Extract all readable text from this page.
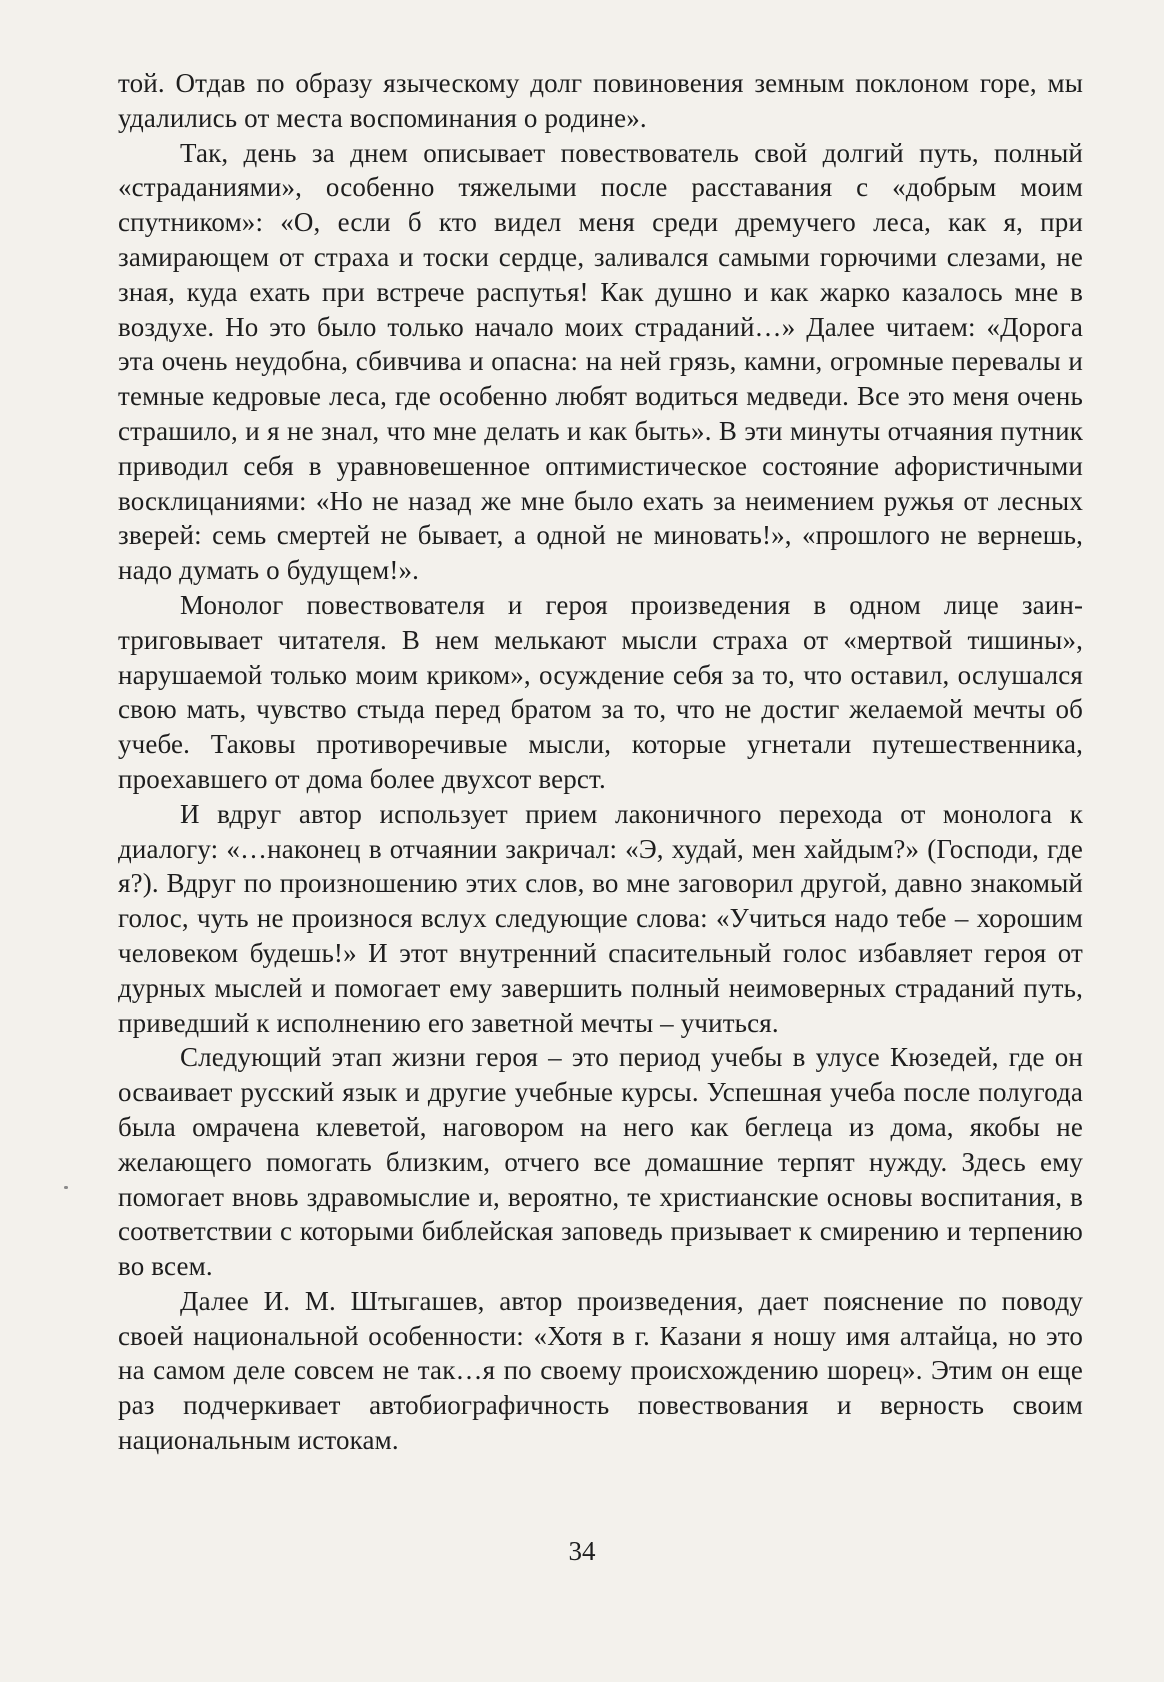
той. Отдав по образу языческому долг повиновения земным поклоном горе, мы удалились от места воспоминания о родине».

Так, день за днем описывает повествователь свой долгий путь, полный «страданиями», особенно тяжелыми после расставания с «добрым моим спутником»: «О, если б кто видел меня среди дремучего леса, как я, при замирающем от страха и тоски сердце, заливался самыми горючими слезами, не зная, куда ехать при встрече распутья! Как душно и как жарко казалось мне в воздухе. Но это было только начало моих страданий…» Далее читаем: «Дорога эта очень неудобна, сбивчива и опасна: на ней грязь, камни, огромные перевалы и темные кедровые леса, где особенно любят водиться медведи. Все это меня очень страшило, и я не знал, что мне делать и как быть». В эти минуты отчаяния путник приводил себя в уравновешенное оптимистическое состояние афористичными восклицаниями: «Но не назад же мне было ехать за неимением ружья от лесных зверей: семь смертей не бывает, а одной не миновать!», «прошлого не вернешь, надо думать о будущем!».

Монолог повествователя и героя произведения в одном лице заинтриговывает читателя. В нем мелькают мысли страха от «мертвой тишины», нарушаемой только моим криком», осуждение себя за то, что оставил, ослушался свою мать, чувство стыда перед братом за то, что не достиг желаемой мечты об учебе. Таковы противоречивые мысли, которые угнетали путешественника, проехавшего от дома более двухсот верст.

И вдруг автор использует прием лаконичного перехода от монолога к диалогу: «…наконец в отчаянии закричал: «Э, худай, мен хайдым?» (Господи, где я?). Вдруг по произношению этих слов, во мне заговорил другой, давно знакомый голос, чуть не произнося вслух следующие слова: «Учиться надо тебе – хорошим человеком будешь!» И этот внутренний спасительный голос избавляет героя от дурных мыслей и помогает ему завершить полный неимоверных страданий путь, приведший к исполнению его заветной мечты – учиться.

Следующий этап жизни героя – это период учебы в улусе Кюзедей, где он осваивает русский язык и другие учебные курсы. Успешная учеба после полугода была омрачена клеветой, наговором на него как беглеца из дома, якобы не желающего помогать близким, отчего все домашние терпят нужду. Здесь ему помогает вновь здравомыслие и, вероятно, те христианские основы воспитания, в соответствии с которыми библейская заповедь призывает к смирению и терпению во всем.

Далее И. М. Штыгашев, автор произведения, дает пояснение по поводу своей национальной особенности: «Хотя в г. Казани я ношу имя алтайца, но это на самом деле совсем не так…я по своему происхождению шорец». Этим он еще раз подчеркивает автобиографичность повествования и верность своим национальным истокам.

34
